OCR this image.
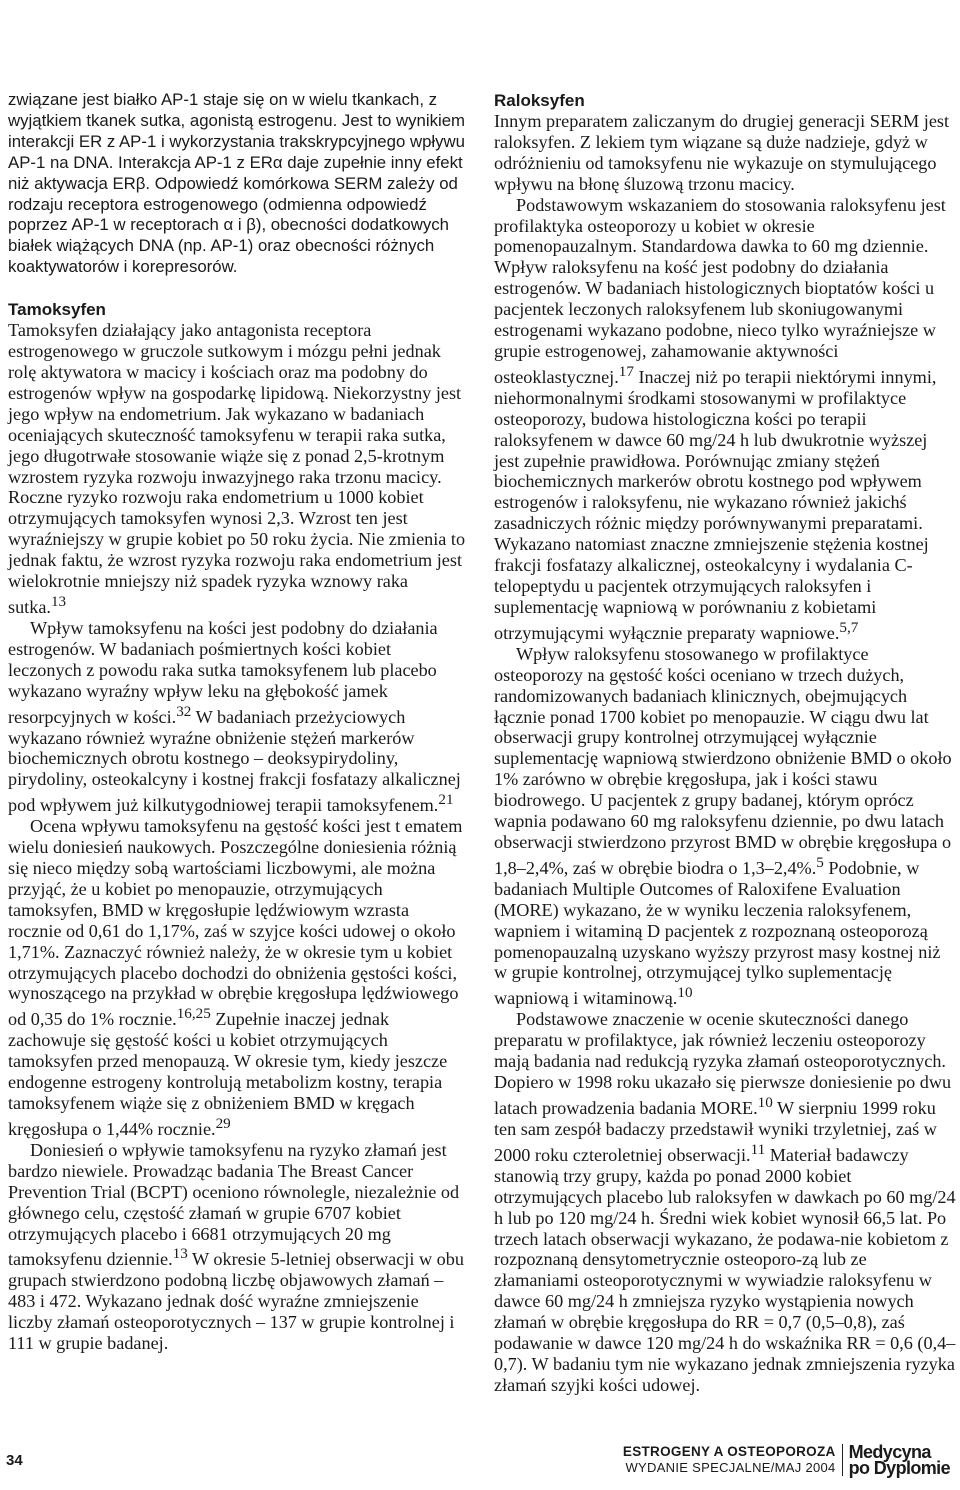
związane jest białko AP-1 staje się on w wielu tkankach, z wyjątkiem tkanek sutka, agonistą estrogenu. Jest to wynikiem interakcji ER z AP-1 i wykorzystania trakskrypcyjnego wpływu AP-1 na DNA. Interakcja AP-1 z ERα daje zupełnie inny efekt niż aktywacja ERβ. Odpowiedź komórkowa SERM zależy od rodzaju receptora estrogenowego (odmienna odpowiedź poprzez AP-1 w receptorach α i β), obecności dodatkowych białek wiążących DNA (np. AP-1) oraz obecności różnych koaktywatorów i korepresorów.

Tamoksyfen

Tamoksyfen działający jako antagonista receptora estrogenowego w gruczole sutkowym i mózgu pełni jednak rolę aktywatora w macicy i kościach oraz ma podobny do estrogenów wpływ na gospodarkę lipidową. Niekorzystny jest jego wpływ na endometrium. Jak wykazano w badaniach oceniających skuteczność tamoksyfenu w terapii raka sutka, jego długotrwałe stosowanie wiąże się z ponad 2,5-krotnym wzrostem ryzyka rozwoju inwazyjnego raka trzonu macicy. Roczne ryzyko rozwoju raka endometrium u 1000 kobiet otrzymujących tamoksyfen wynosi 2,3. Wzrost ten jest wyraźniejszy w grupie kobiet po 50 roku życia. Nie zmienia to jednak faktu, że wzrost ryzyka rozwoju raka endometrium jest wielokrotnie mniejszy niż spadek ryzyka wznowy raka sutka.$^{13}$

Wpływ tamoksyfenu na kości jest podobny do działania estrogenów. W badaniach pośmiertnych kości kobiet leczonych z powodu raka sutka tamoksyfenem lub placebo wykazano wyraźny wpływ leku na głębokość jamek resorpcyjnych w kości.$^{32}$ W badaniach przeżyciowych wykazano również wyraźne obniżenie stężeń markerów biochemicznych obrotu kostnego – deoksypirydoliny, pirydoliny, osteokalcyny i kostnej frakcji fosfatazy alkalicznej pod wpływem już kilkutygodniowej terapii tamoksyfenem.$^{21}$

Ocena wpływu tamoksyfenu na gęstość kości jest t ematem wielu doniesień naukowych. Poszczególne doniesienia różnią się nieco między sobą wartościami liczbowymi, ale można przyjąć, że u kobiet po menopauzie, otrzymujących tamoksyfen, BMD w kręgosłupie lędźwiowym wzrasta rocznie od 0,61 do 1,17%, zaś w szyjce kości udowej o około 1,71%. Zaznaczyć również należy, że w okresie tym u kobiet otrzymujących placebo dochodzi do obniżenia gęstości kości, wynoszącego na przykład w obrębie kręgosłupa lędźwiowego od 0,35 do 1% rocznie.$^{16,25}$ Zupełnie inaczej jednak zachowuje się gęstość kości u kobiet otrzymujących tamoksyfen przed menopauzą. W okresie tym, kiedy jeszcze endogenne estrogeny kontrolują metabolizm kostny, terapia tamoksyfenem wiąże się z obniżeniem BMD w kręgach kręgosłupa o 1,44% rocznie.$^{29}$

Doniesień o wpływie tamoksyfenu na ryzyko złamań jest bardzo niewiele. Prowadząc badania The Breast Cancer Prevention Trial (BCPT) oceniono równolegle, niezależnie od głównego celu, częstość złamań w grupie 6707 kobiet otrzymujących placebo i 6681 otrzymujących 20 mg tamoksyfenu dziennie.$^{13}$ W okresie 5-letniej obserwacji w obu grupach stwierdzono podobną liczbę objawowych złamań – 483 i 472. Wykazano jednak dość wyraźne zmniejszenie liczby złamań osteoporotycznych – 137 w grupie kontrolnej i 111 w grupie badanej.

Raloksyfen

Innym preparatem zaliczanym do drugiej generacji SERM jest raloksyfen. Z lekiem tym wiązane są duże nadzieje, gdyż w odróżnieniu od tamoksyfenu nie wykazuje on stymulującego wpływu na błonę śluzową trzonu macicy.

Podstawowym wskazaniem do stosowania raloksyfenu jest profilaktyka osteoporozy u kobiet w okresie pomenopauzalnym. Standardowa dawka to 60 mg dziennie. Wpływ raloksyfenu na kość jest podobny do działania estrogenów. W badaniach histologicznych bioptatów kości u pacjentek leczonych raloksyfenem lub skoniugowanymi estrogenami wykazano podobne, nieco tylko wyraźniejsze w grupie estrogenowej, zahamowanie aktywności osteoklastycznej.$^{17}$ Inaczej niż po terapii niektórymi innymi, niehormonalnymi środkami stosowanymi w profilaktyce osteoporozy, budowa histologiczna kości po terapii raloksyfenem w dawce 60 mg/24 h lub dwukrotnie wyższej jest zupełnie prawidłowa. Porównując zmiany stężeń biochemicznych markerów obrotu kostnego pod wpływem estrogenów i raloksyfenu, nie wykazano również jakichś zasadniczych różnic między porównywanymi preparatami. Wykazano natomiast znaczne zmniejszenie stężenia kostnej frakcji fosfatazy alkalicznej, osteokalcyny i wydalania C-telopeptydu u pacjentek otrzymujących raloksyfen i suplementację wapniową w porównaniu z kobietami otrzymującymi wyłącznie preparaty wapniowe.$^{5,7}$

Wpływ raloksyfenu stosowanego w profilaktyce osteoporozy na gęstość kości oceniano w trzech dużych, randomizowanych badaniach klinicznych, obejmujących łącznie ponad 1700 kobiet po menopauzie. W ciągu dwu lat obserwacji grupy kontrolnej otrzymującej wyłącznie suplementację wapniową stwierdzono obniżenie BMD o około 1% zarówno w obrębie kręgosłupa, jak i kości stawu biodrowego. U pacjentek z grupy badanej, którym oprócz wapnia podawano 60 mg raloksyfenu dziennie, po dwu latach obserwacji stwierdzono przyrost BMD w obrębie kręgosłupa o 1,8–2,4%, zaś w obrębie biodra o 1,3–2,4%.$^5$ Podobnie, w badaniach Multiple Outcomes of Raloxifene Evaluation (MORE) wykazano, że w wyniku leczenia raloksyfenem, wapniem i witaminą D pacjentek z rozpoznaną osteoporozą pomenopauzalną uzyskano wyższy przyrost masy kostnej niż w grupie kontrolnej, otrzymującej tylko suplementację wapniową i witaminową.$^{10}$

Podstawowe znaczenie w ocenie skuteczności danego preparatu w profilaktyce, jak również leczeniu osteoporozy mają badania nad redukcją ryzyka złamań osteoporotycznych. Dopiero w 1998 roku ukazało się pierwsze doniesienie po dwu latach prowadzenia badania MORE.$^{10}$ W sierpniu 1999 roku ten sam zespół badaczy przedstawił wyniki trzyletniej, zaś w 2000 roku czteroletniej obserwacji.$^{11}$ Materiał badawczy stanowią trzy grupy, każda po ponad 2000 kobiet otrzymujących placebo lub raloksyfen w dawkach po 60 mg/24 h lub po 120 mg/24 h. Średni wiek kobiet wynosił 66,5 lat. Po trzech latach obserwacji wykazano, że podawa-nie kobietom z rozpoznaną densytometrycznie osteoporo-zą lub ze złamaniami osteoporotycznymi w wywiadzie raloksyfenu w dawce 60 mg/24 h zmniejsza ryzyko wystąpienia nowych złamań w obrębie kręgosłupa do RR = 0,7 (0,5–0,8), zaś podawanie w dawce 120 mg/24 h do wskaźnika RR = 0,6 (0,4–0,7). W badaniu tym nie wykazano jednak zmniejszenia ryzyka złamań szyjki kości udowej.

34
ESTROGENY A OSTEOPOROZA
WYDANIE SPECJALNE/MAJ 2004
Medycyna
po Dyplomie
